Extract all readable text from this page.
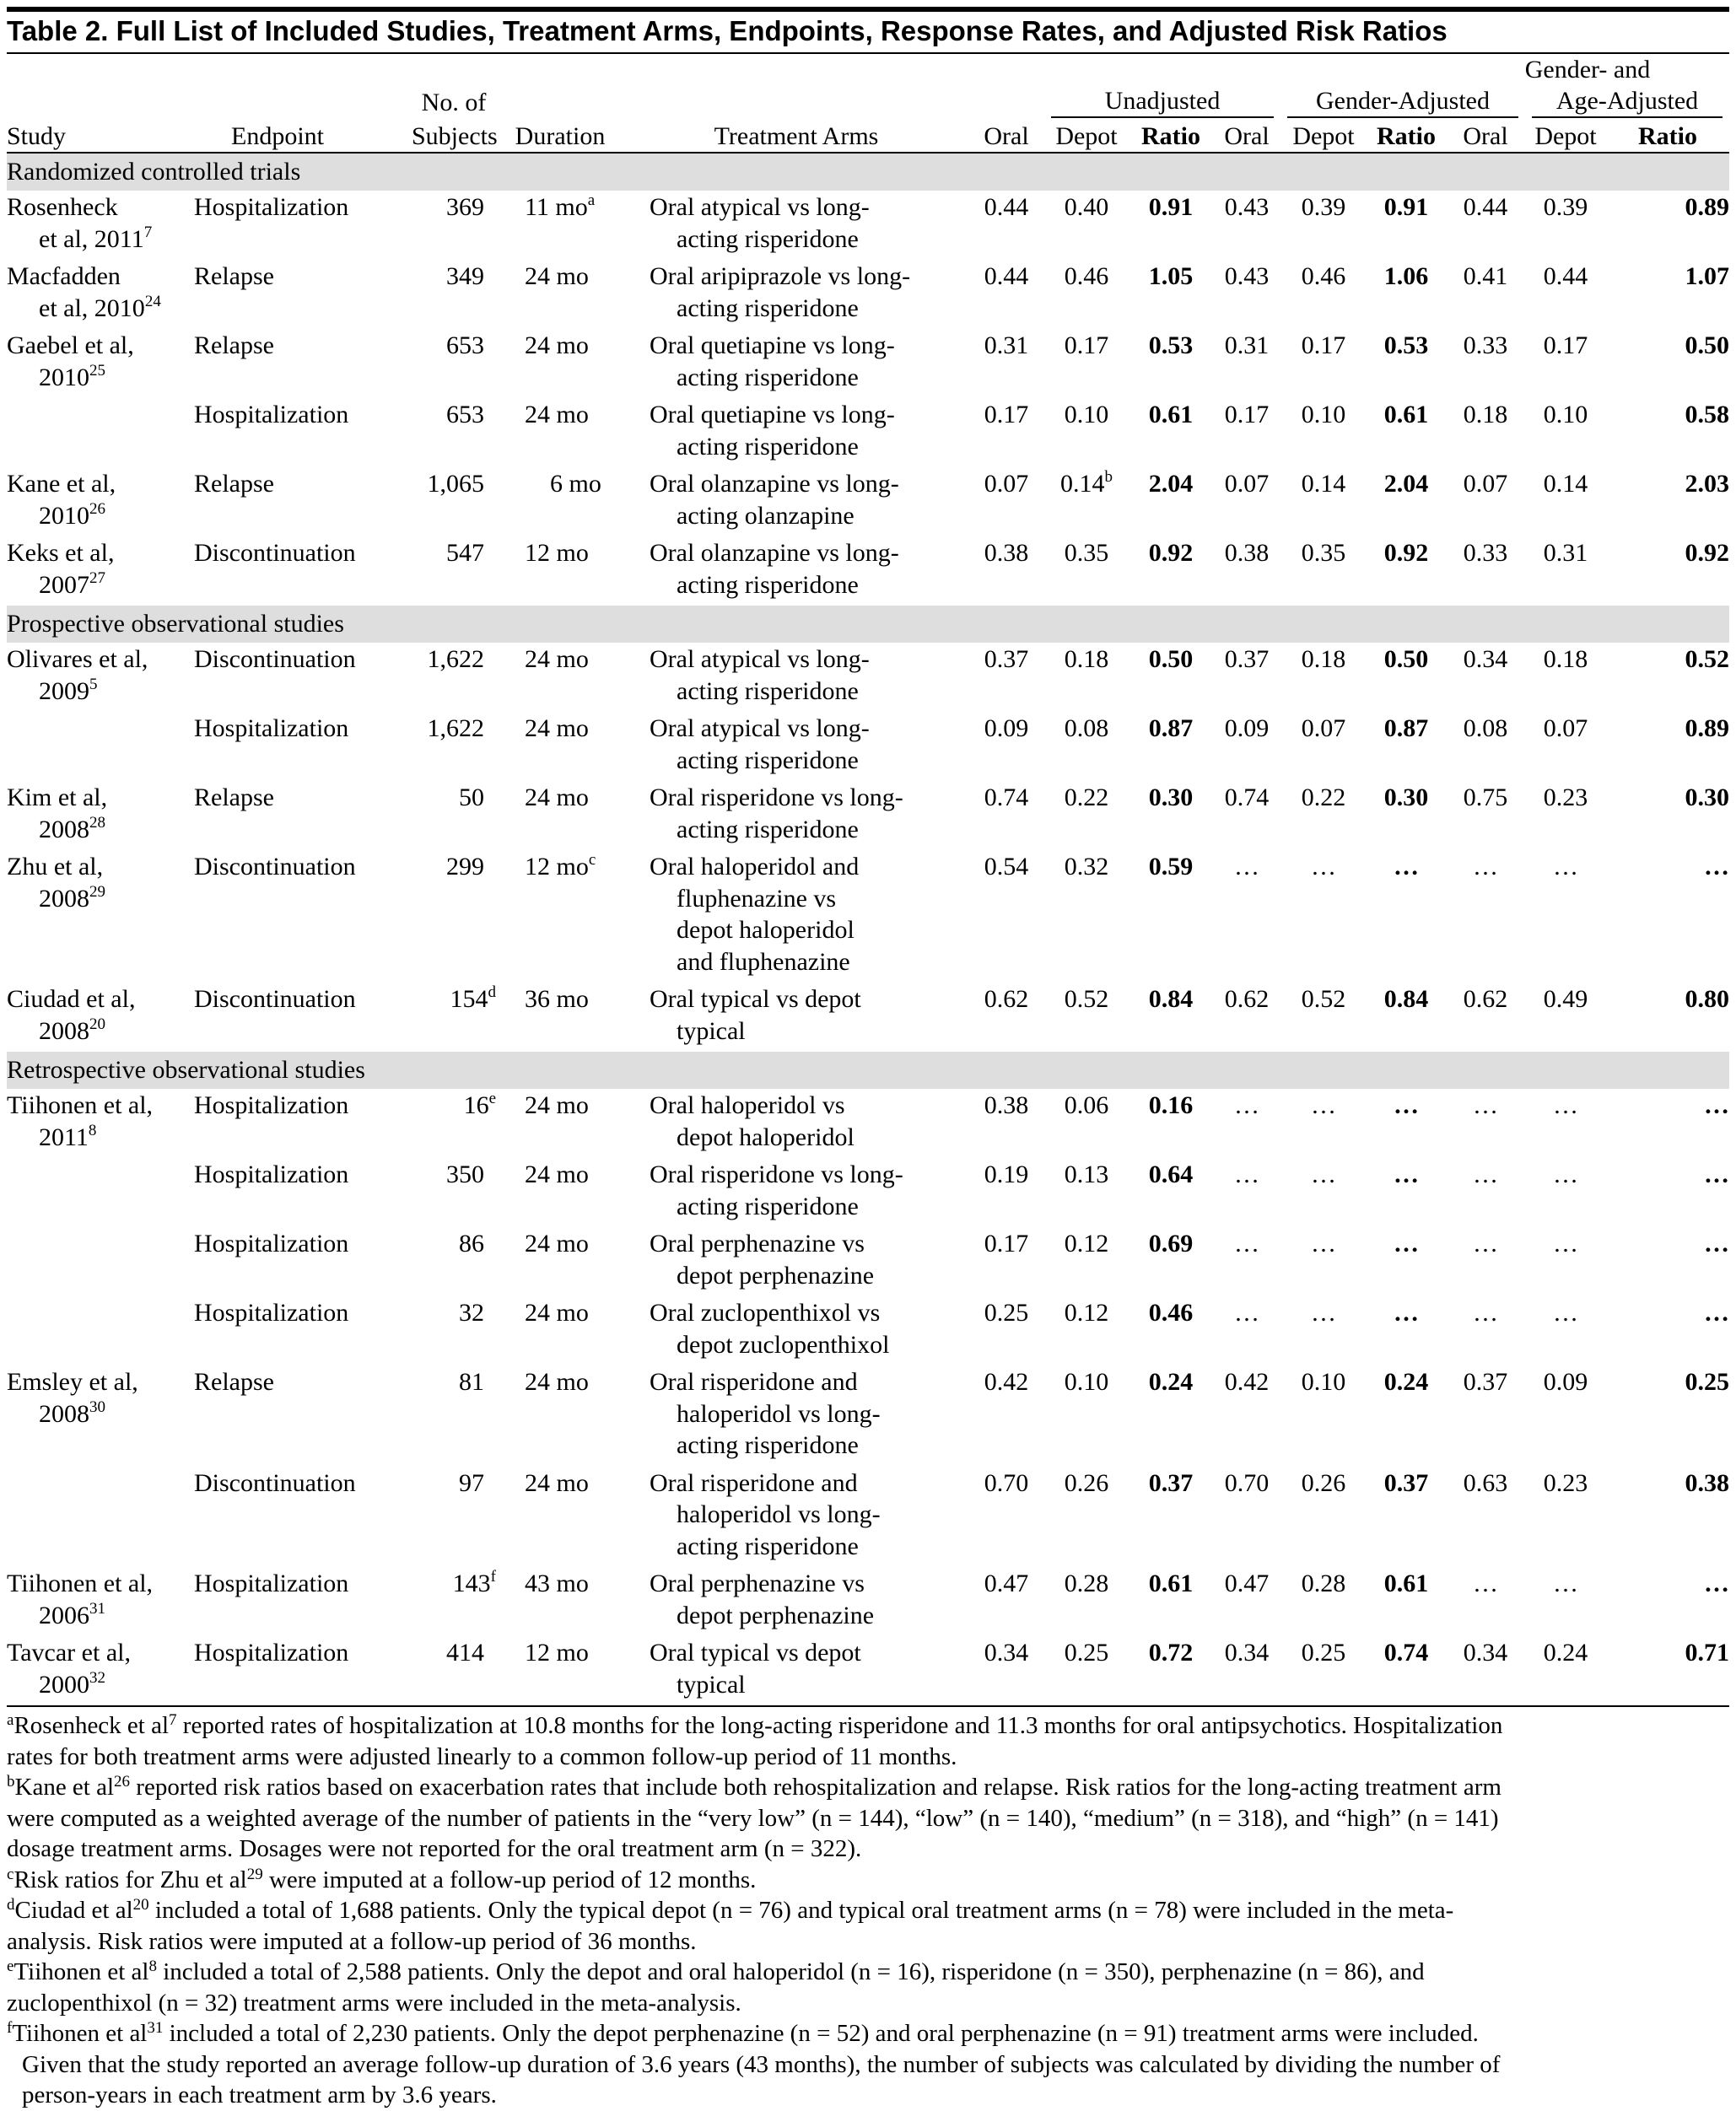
Table 2. Full List of Included Studies, Treatment Arms, Endpoints, Response Rates, and Adjusted Risk Ratios
											Gender- and		
		No. of				Unadjusted			Gender-Adjusted			Age-Adjusted	

Study	Endpoint	Subjects	Duration	Treatment Arms	Oral	Depot	Ratio	Oral	Depot	Ratio	Oral	Depot	Ratio

Randomized controlled trials													
Rosenheck
et al, 2011$^7$	Hospitalization	369	11 $mo^a$	Oral atypical vs long-
acting risperidone	0.44	0.40	0.91	0.43	0.39	0.91	0.44	0.39	0.89
Macfadden
et al, 2010$^{24}$	Relapse	349	24 mo	Oral aripiprazole vs long-
acting risperidone	0.44	0.46	1.05	0.43	0.46	1.06	0.41	0.44	1.07
Gaebel et al,
2010$^{25}$	Relapse	653	24 mo	Oral quetiapine vs long-
acting risperidone	0.31	0.17	0.53	0.31	0.17	0.53	0.33	0.17	0.50

	Hospitalization	653	24 mo	Oral quetiapine vs long-
acting risperidone	0.17	0.10	0.61	0.17	0.10	0.61	0.18	0.10	0.58
Kane et al,
2010$^{26}$	Relapse	1,065	6 mo	Oral olanzapine vs long-
acting olanzapine	0.07	0.14$^b$	2.04	0.07	0.14	2.04	0.07	0.14	2.03
Keks et al,
2007$^{27}$	Discontinuation	547	12 mo	Oral olanzapine vs long-
acting risperidone	0.38	0.35	0.92	0.38	0.35	0.92	0.33	0.31	0.92
Prospective observational studies													
Olivares et al,
2009$^5$	Discontinuation	1,622	24 mo	Oral atypical vs long-
acting risperidone	0.37	0.18	0.50	0.37	0.18	0.50	0.34	0.18	0.52

	Hospitalization	1,622	24 mo	Oral atypical vs long-
acting risperidone	0.09	0.08	0.87	0.09	0.07	0.87	0.08	0.07	0.89
Kim et al,
2008$^{28}$	Relapse	50	24 mo	Oral risperidone vs long-
acting risperidone	0.74	0.22	0.30	0.74	0.22	0.30	0.75	0.23	0.30
Zhu et al,
2008$^{29}$	Discontinuation	299	12 $mo^c$	Oral haloperidol and
fluphenazine vs
depot haloperidol
and fluphenazine	0.54	0.32	0.59	…	…	…	…	…	…
Ciudad et al,
2008$^{20}$	Discontinuation	154$^d$	36 mo	Oral typical vs depot
typical	0.62	0.52	0.84	0.62	0.52	0.84	0.62	0.49	0.80
Retrospective observational studies													
Tiihonen et al,
2011$^8$	Hospitalization	16e	24 mo	Oral haloperidol vs
depot haloperidol	0.38	0.06	0.16	…	…	…	…	…	…

	Hospitalization	350	24 mo	Oral risperidone vs long-
acting risperidone	0.19	0.13	0.64	…	…	…	…	…	…

	Hospitalization	86	24 mo	Oral perphenazine vs
depot perphenazine	0.17	0.12	0.69	…	…	…	…	…	…

	Hospitalization	32	24 mo	Oral zuclopenthixol vs
depot zuclopenthixol	0.25	0.12	0.46	…	…	…	…	…	…
Emsley et al,
2008$^{30}$	Relapse	81	24 mo	Oral risperidone and
haloperidol vs long-
acting risperidone	0.42	0.10	0.24	0.42	0.10	0.24	0.37	0.09	0.25

	Discontinuation	97	24 mo	Oral risperidone and
haloperidol vs long-
acting risperidone	0.70	0.26	0.37	0.70	0.26	0.37	0.63	0.23	0.38
Tiihonen et al,
2006$^{31}$	Hospitalization	143$^f$	43 mo	Oral perphenazine vs
depot perphenazine	0.47	0.28	0.61	0.47	0.28	0.61	…	…	…
Tavcar et al,
2000$^{32}$	Hospitalization	414	12 mo	Oral typical vs depot
typical	0.34	0.25	0.72	0.34	0.25	0.74	0.34	0.24	0.71

$^a$Rosenheck et $al^7$ reported rates of hospitalization at 10.8 months for the long-acting risperidone and 11.3 months for oral antipsychotics. Hospitalization
rates for both treatment arms were adjusted linearly to a common follow-up period of 11 months.
$^b$Kane et $al^{26}$ reported risk ratios based on exacerbation rates that include both rehospitalization and relapse. Risk ratios for the long-acting treatment arm
were computed as a weighted average of the number of patients in the “very low” (n = 144), “low” (n = 140), “medium” (n = 318), and “high” (n = 141)
dosage treatment arms. Dosages were not reported for the oral treatment arm (n = 322).
$^c$Risk ratios for Zhu et $al^{29}$ were imputed at a follow-up period of 12 months.
$^d$Ciudad et $al^{20}$ included a total of 1,688 patients. Only the typical depot (n = 76) and typical oral treatment arms (n = 78) were included in the meta-
analysis. Risk ratios were imputed at a follow-up period of 36 months.
$^e$Tiihonen et $al^8$ included a total of 2,588 patients. Only the depot and oral haloperidol (n = 16), risperidone (n = 350), perphenazine (n = 86), and
zuclopenthixol (n = 32) treatment arms were included in the meta-analysis.
$^f$Tiihonen et $al^{31}$ included a total of 2,230 patients. Only the depot perphenazine (n = 52) and oral perphenazine (n = 91) treatment arms were included.
Given that the study reported an average follow-up duration of 3.6 years (43 months), the number of subjects was calculated by dividing the number of
person-years in each treatment arm by 3.6 years.
